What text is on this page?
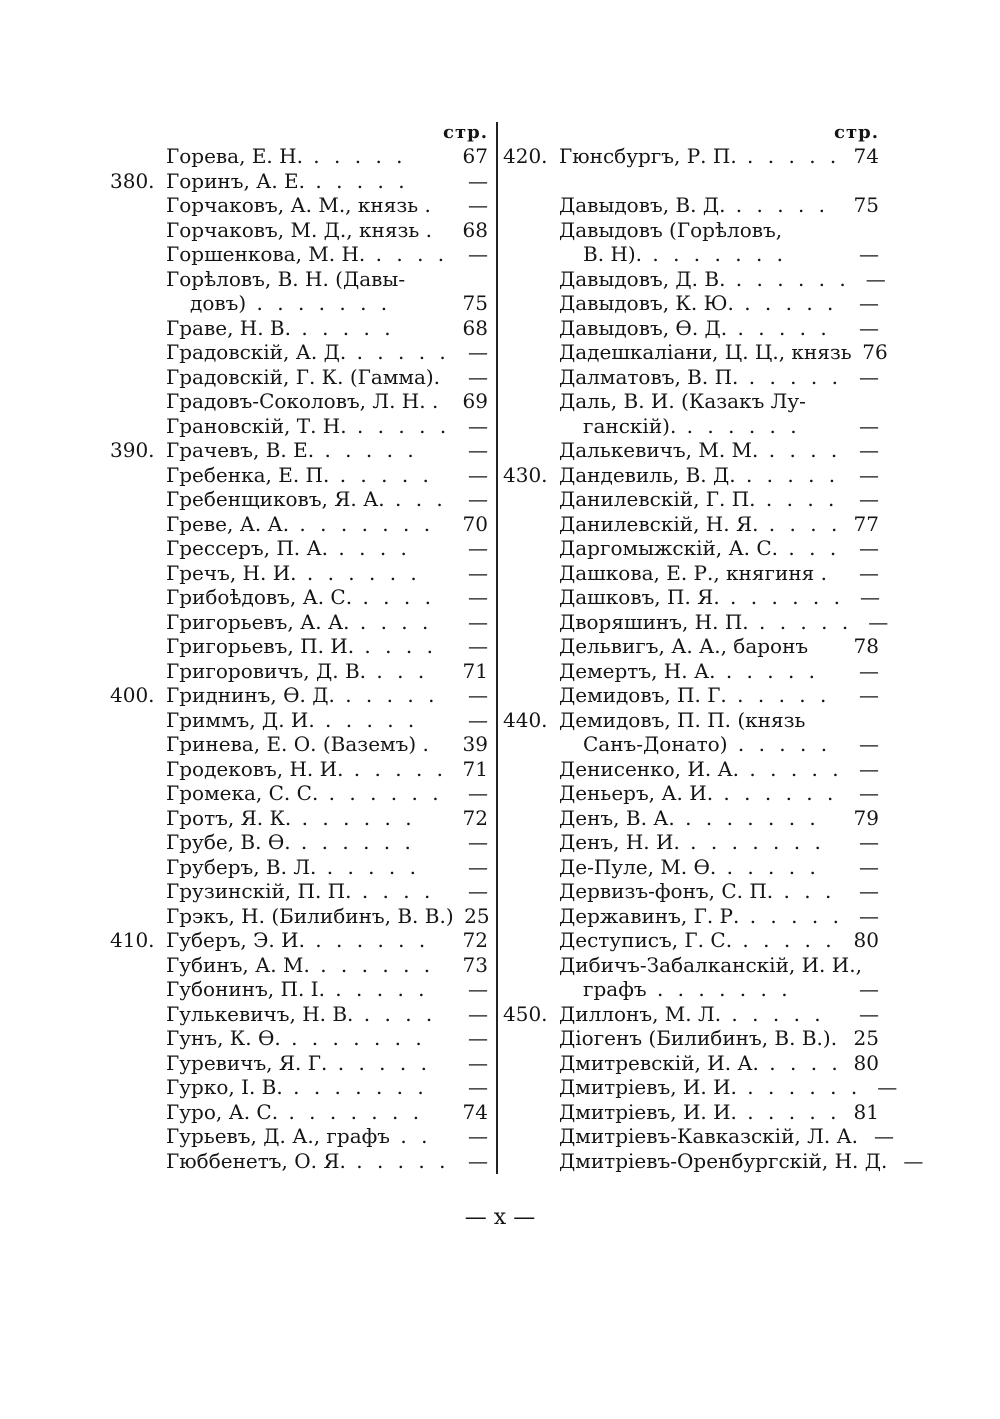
стр.
Горева, Е. Н. . . . . .	67
380. Горинъ, А. Е. . . . . .	—
Горчаковъ, А. М., князь .	—
Горчаковъ, М. Д., князь .	68
Горшенкова, М. Н. . . . . —
Горѣловъ, В. Н. (Давы-
довъ) . . . . . . .	75
Граве, Н. В. . . . . .	68
Градовскій, А. Д. . . . . . —
Градовскій, Г. К. (Гамма).	—
Градовъ-Соколовъ, Л. Н. .	69
Грановскій, Т. Н. . . . . . —
390. Грачевъ, В. Е. . . . . .	—
Гребенка, Е. П. . . . . .	—
Гребенщиковъ, Я. А. . . .	—
Греве, А. А. . . . . . . .	70
Грессеръ, П. А. . . . .	—
Гречъ, Н. И. . . . . . .	—
Грибоѣдовъ, А. С. . . . .	—
Григорьевъ, А. А. . . . .	—
Григорьевъ, П. И. . . . .	—
Григоровичъ, Д. В. . . .	71
400. Гриднинъ, Ѳ. Д. . . . . .	—
Гриммъ, Д. И. . . . . .	—
Гринева, Е. О. (Ваземъ) .	39
Гродековъ, Н. И. . . . . . 71
Громека, С. С. . . . . . .	—
Гротъ, Я. К. . . . . . .	72
Грубе, В. Ѳ. . . . . . .	—
Груберъ, В. Л. . . . . .	—
Грузинскій, П. П. . . . .	—
Грэкъ, Н. (Билибинъ, В. В.) 25
410. Губеръ, Э. И. . . . . . .	72
Губинъ, А. М. . . . . . .	73
Губонинъ, П. I. . . . . .	—
Гулькевичъ, Н. В. . . . .	—
Гунъ, К. Ѳ. . . . . . . .	—
Гуревичъ, Я. Г. . . . . .	—
Гурко, I. В. . . . . . . .	—
Гуро, А. С. . . . . . . .	74
Гурьевъ, Д. А., графъ . .	—
Гюббенетъ, О. Я. . . . . . —
стр.
420. Гюнсбургъ, Р. П. . . . . . 74
Давыдовъ, В. Д. . . . . .	75
Давыдовъ (Горѣловъ,
В. Н). . . . . . . .	—
Давыдовъ, Д. В. . . . . . . —
Давыдовъ, К. Ю. . . . . .	—
Давыдовъ, Ѳ. Д. . . . . .	—
Дадешкаліани, Ц. Ц., князь 76
Далматовъ, В. П. . . . . . —
Даль, В. И. (Казакъ Лу-
ганскій). . . . . . .	—
Далькевичъ, М. М. . . . . —
430. Дандевиль, В. Д. . . . . . —
Данилевскій, Г. П. . . . .	—
Данилевскій, Н. Я. . . . . 77
Даргомыжскій, А. С. . . . —
Дашкова, Е. Р., княгиня .	—
Дашковъ, П. Я. . . . . . . —
Дворяшинъ, Н. П. . . . . . —
Дельвигъ, А. А., баронъ	78
Демертъ, Н. А. . . . . .	—
Демидовъ, П. Г. . . . . .	—
440. Демидовъ, П. П. (князь
Санъ-Донато) . . . . .	—
Денисенко, И. А. . . . . . —
Деньеръ, А. И. . . . . . .	—
Денъ, В. А. . . . . . . .	79
Денъ, Н. И. . . . . . . .	—
Де-Пуле, М. Ѳ. . . . . .	—
Дервизъ-фонъ, С. П. . . .	—
Державинъ, Г. Р. . . . . . —
Деступисъ, Г. С. . . . . . 80
Дибичъ-Забалканскій, И. И.,
графъ . . . . . . .	—
450. Диллонъ, М. Л. . . . . .	—
Діогенъ (Билибинъ, В. В.). 25
Дмитревскій, И. А. . . . . 80
Дмитріевъ, И. И. . . . . . . —
Дмитріевъ, И. И. . . . . . 81
Дмитріевъ-Кавказскій, Л. А. —
Дмитріевъ-Оренбургскій, Н. Д. —
— x —
